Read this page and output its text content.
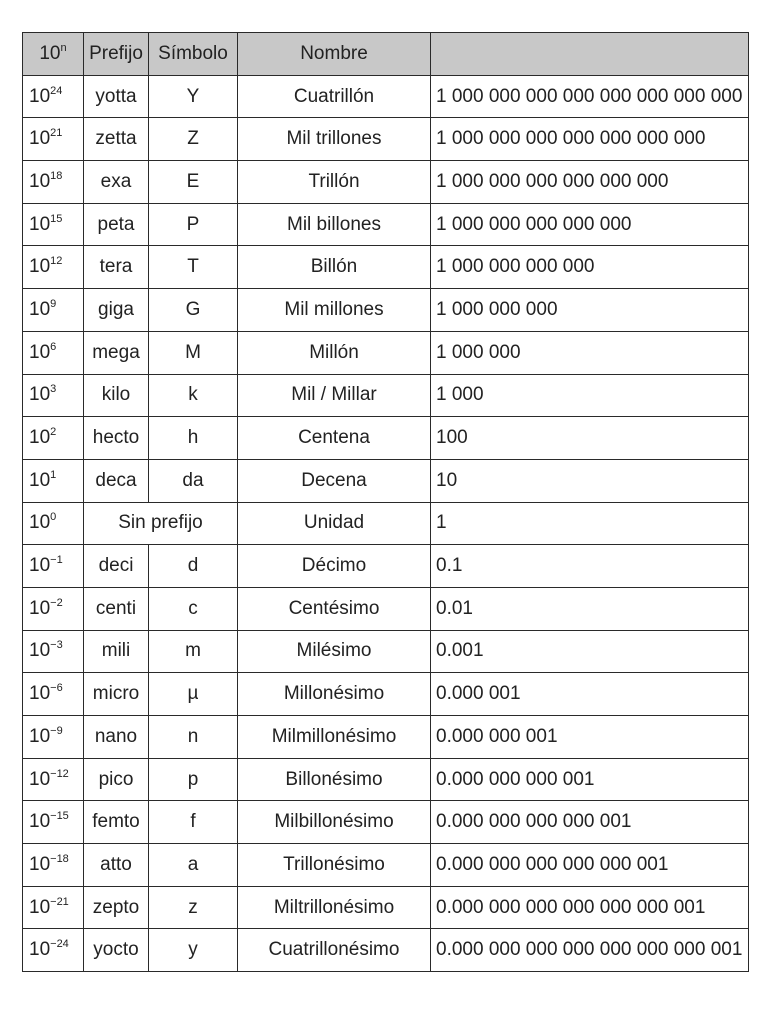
10$^n$	Prefijo	Símbolo	Nombre	
$10^{24}$	yotta	Y	Cuatrillón	1 000 000 000 000 000 000 000 000
$10^{21}$	zetta	Z	Mil trillones	1 000 000 000 000 000 000 000
$10^{18}$	exa	E	Trillón	1 000 000 000 000 000 000
$10^{15}$	peta	P	Mil billones	1 000 000 000 000 000
$10^{12}$	tera	T	Billón	1 000 000 000 000
$10^9$	giga	G	Mil millones	1 000 000 000
$10^6$	mega	M	Millón	1 000 000
$10^3$	kilo	k	Mil / Millar	1 000
$10^2$	hecto	h	Centena	100
$10^1$	deca	da	Decena	10
$10^0$	Sin prefijo		Unidad	1
$10^{-1}$	deci	d	Décimo	0.1
$10^{-2}$	centi	c	Centésimo	0.01
$10^{-3}$	mili	m	Milésimo	0.001
$10^{-6}$	micro	µ	Millonésimo	0.000 001
$10^{-9}$	nano	n	Milmillonésimo	0.000 000 001
$10^{-12}$	pico	p	Billonésimo	0.000 000 000 001
$10^{-15}$	femto	f	Milbillonésimo	0.000 000 000 000 001
$10^{-18}$	atto	a	Trillonésimo	0.000 000 000 000 000 001
$10^{-21}$	zepto	z	Miltrillonésimo	0.000 000 000 000 000 000 001
$10^{-24}$	yocto	y	Cuatrillonésimo	0.000 000 000 000 000 000 000 001
